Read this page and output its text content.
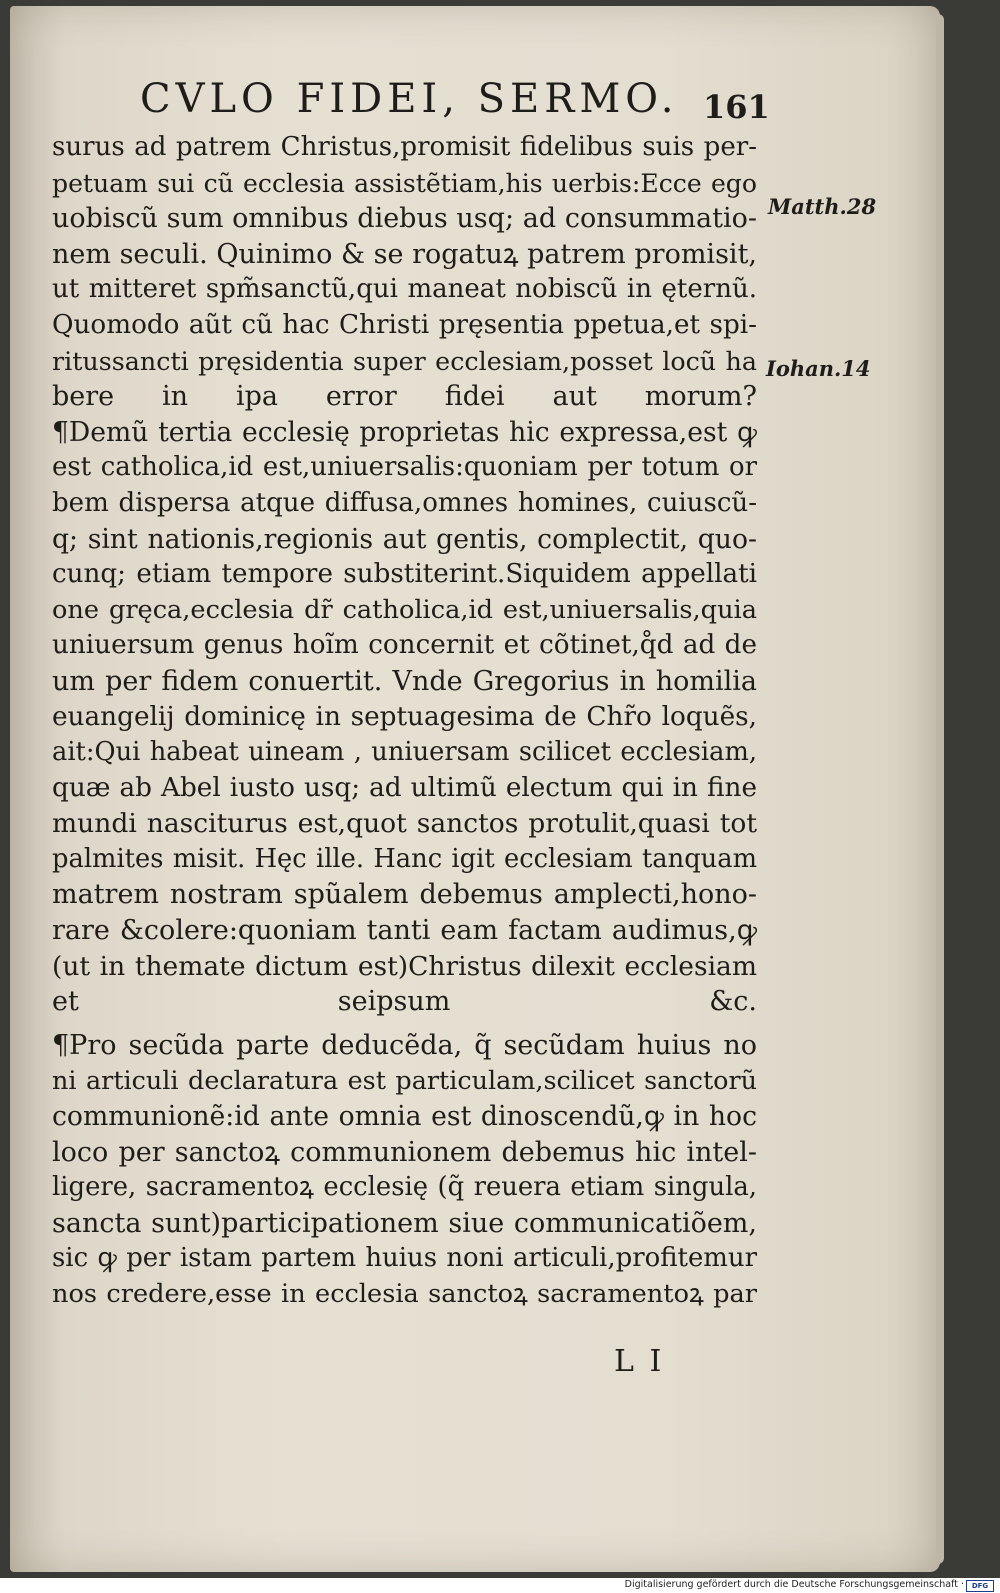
CVLO FIDEI, SERMO. 161
surus ad patrem Christus,promisit fidelibus suis per-
petuam sui cũ ecclesia assistẽtiam,his uerbis:Ecce ego
uobiscũ sum omnibus diebus usq; ad consummatio-
nem seculi. Quinimo & se rogatuꝝ patrem promisit,
ut mitteret spm̃sanctũ,qui maneat nobiscũ in ęternũ.
Quomodo aũt cũ hac Christi pręsentia ppetua,et spi-
ritussancti pręsidentia super ecclesiam,posset locũ ha
bere in ipa error fidei aut morum?
¶Demũ tertia ecclesię proprietas hic expressa,est ꝙ
est catholica,id est,uniuersalis:quoniam per totum or
bem dispersa atque diffusa,omnes homines, cuiuscũ-
q; sint nationis,regionis aut gentis, complectit, quo-
cunq; etiam tempore substiterint.Siquidem appellati
one gręca,ecclesia dr̃ catholica,id est,uniuersalis,quia
uniuersum genus hoĩm concernit et cõtinet,q̊d ad de
um per fidem conuertit. Vnde Gregorius in homilia
euangelij dominicę in septuagesima de Chr̃o loquẽs,
ait:Qui habeat uineam , uniuersam scilicet ecclesiam,
quæ ab Abel iusto usq; ad ultimũ electum qui in fine
mundi nasciturus est,quot sanctos protulit,quasi tot
palmites misit. Hęc ille. Hanc igit ecclesiam tanquam
matrem nostram spũalem debemus amplecti,hono-
rare &colere:quoniam tanti eam factam audimus,ꝙ
(ut in themate dictum est)Christus dilexit ecclesiam
et seipsum &c.
¶Pro secũda parte deducẽda, q̃ secũdam huius no
ni articuli declaratura est particulam,scilicet sanctorũ
communionẽ:id ante omnia est dinoscendũ,ꝙ in hoc
loco per sanctoꝝ communionem debemus hic intel-
ligere, sacramentoꝝ ecclesię (q̃ reuera etiam singula,
sancta sunt)participationem siue communicatiõem,
sic ꝙ per istam partem huius noni articuli,profitemur
nos credere,esse in ecclesia sanctoꝝ sacramentoꝝ par
Matth.28
Iohan.14
L I
Digitalisierung gefördert durch die Deutsche Forschungsgemeinschaft ·	DFG
